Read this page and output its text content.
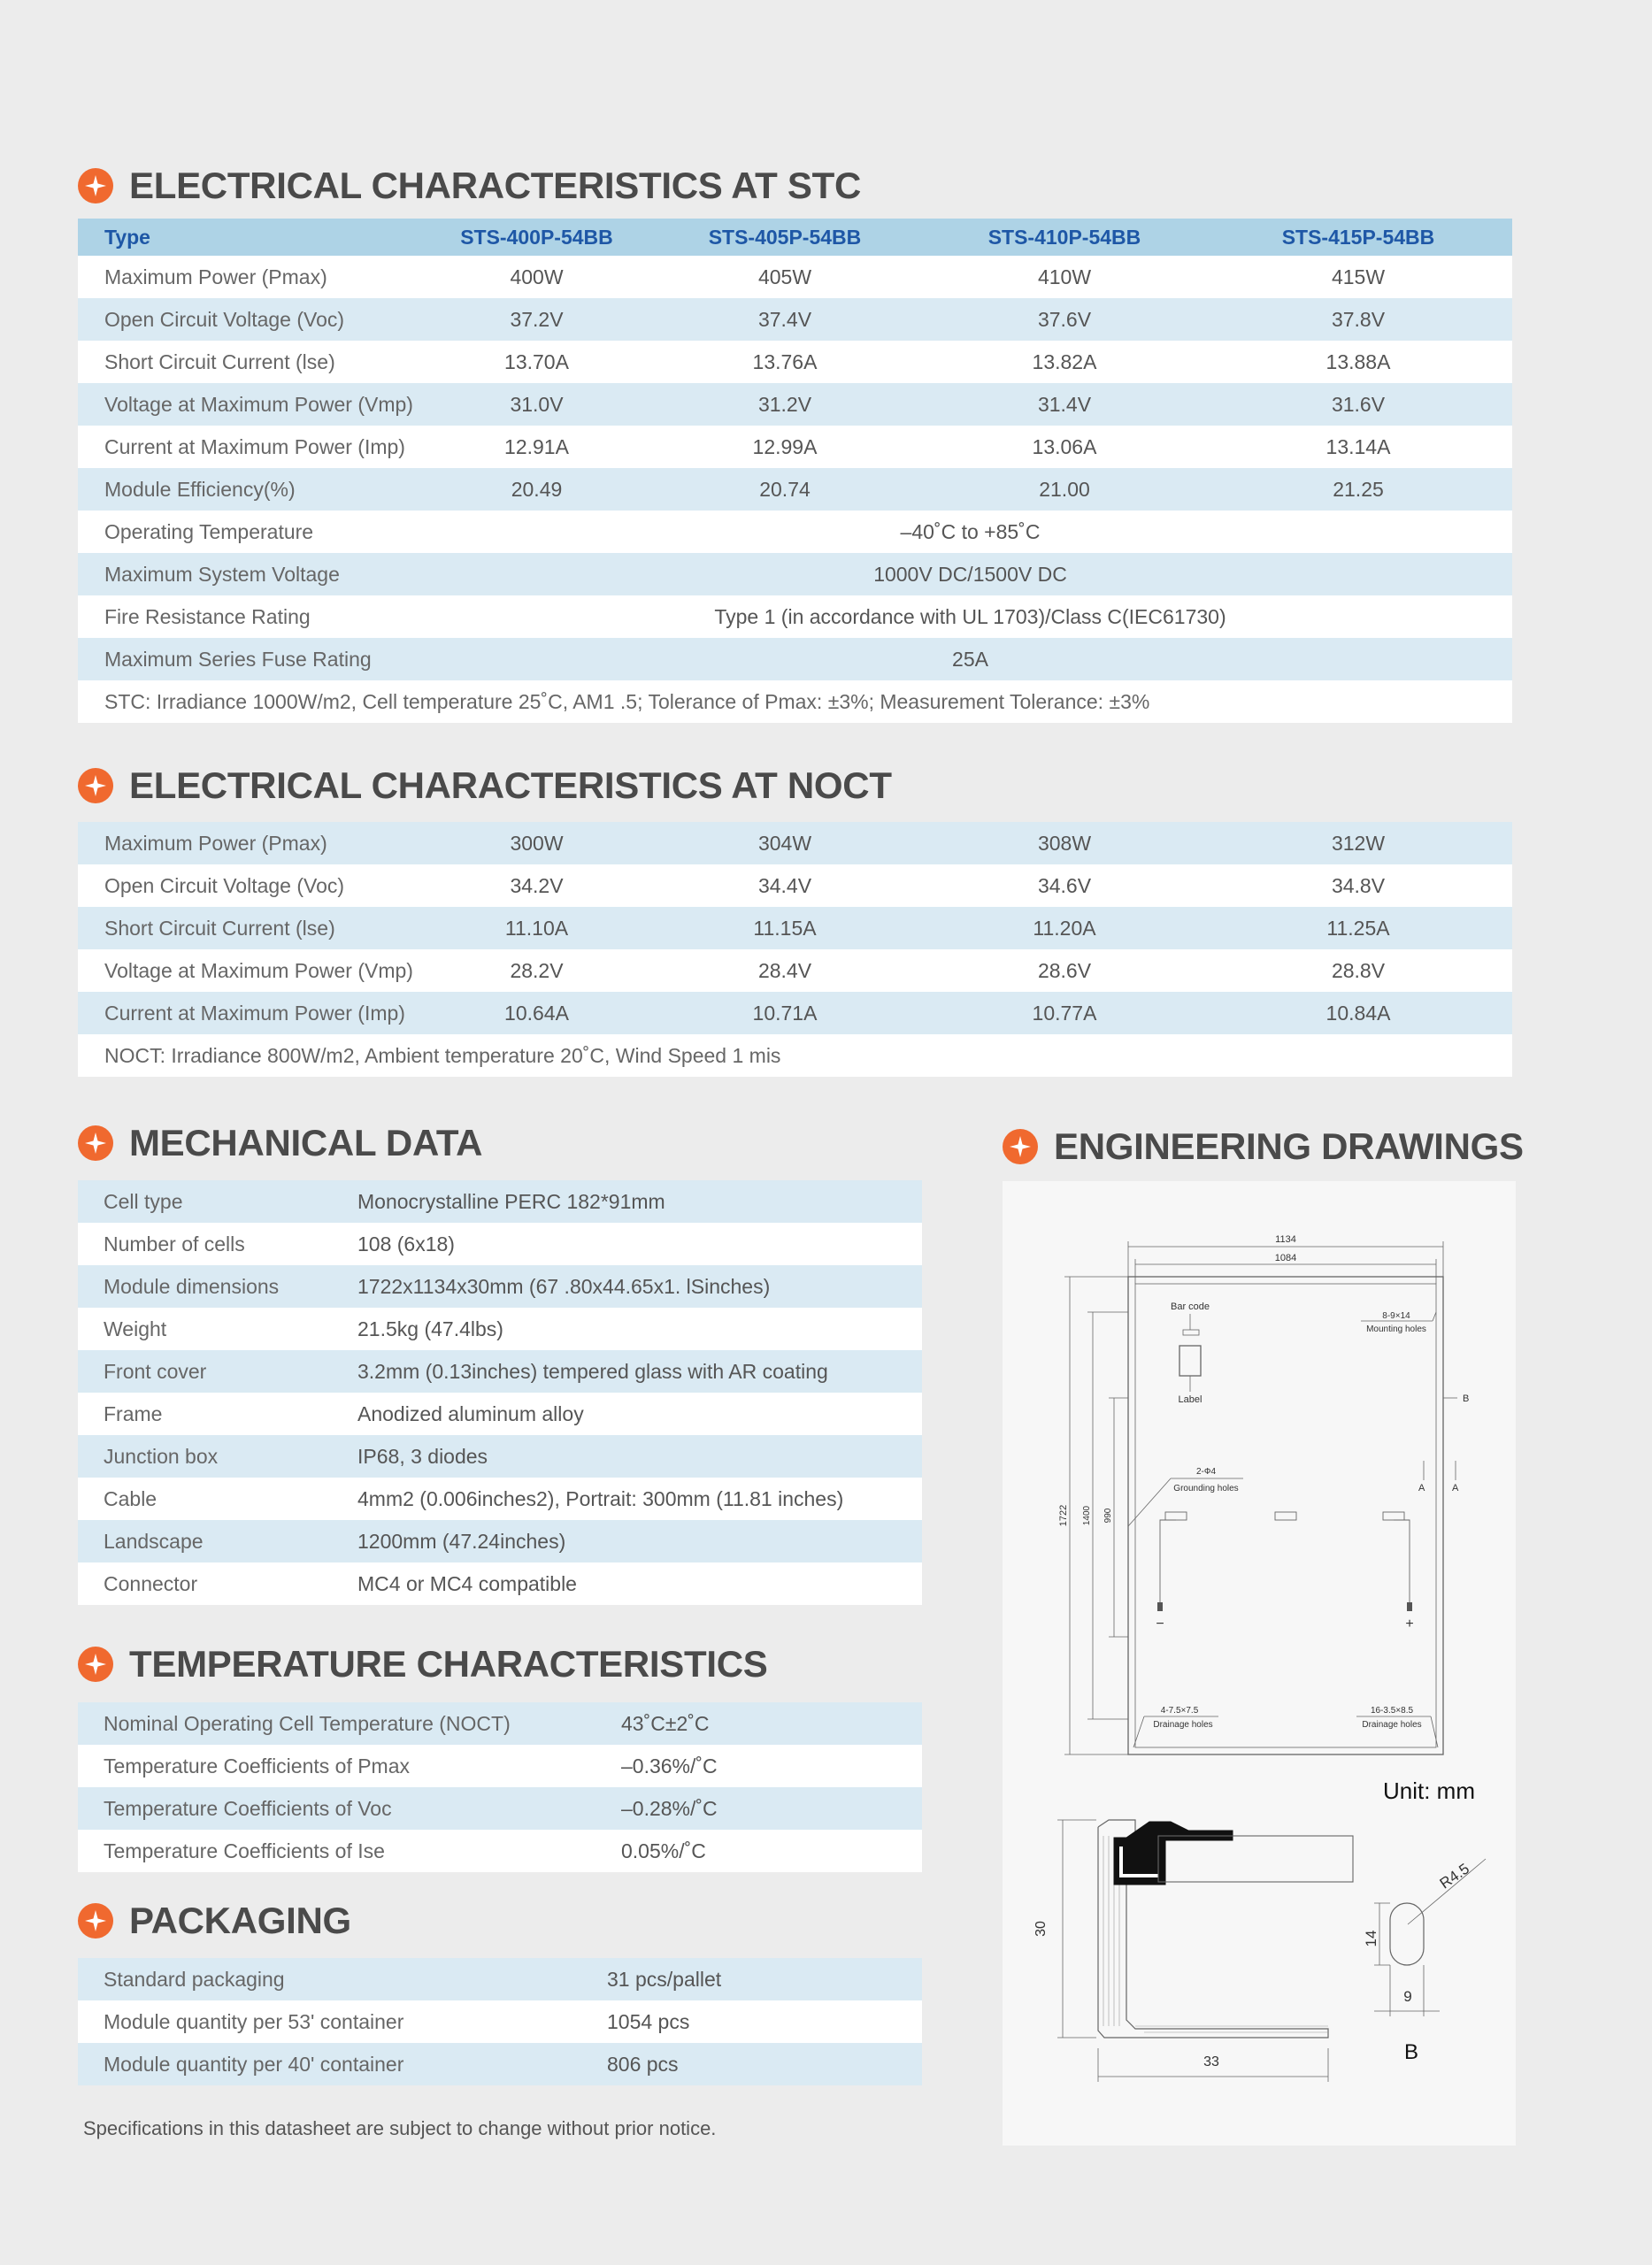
ELECTRICAL CHARACTERISTICS AT STC
Type	STS-400P-54BB	STS-405P-54BB	STS-410P-54BB	STS-415P-54BB
Maximum Power (Pmax)	400W	405W	410W	415W
Open Circuit Voltage (Voc)	37.2V	37.4V	37.6V	37.8V
Short Circuit Current (lse)	13.70A	13.76A	13.82A	13.88A
Voltage at Maximum Power (Vmp)	31.0V	31.2V	31.4V	31.6V
Current at Maximum Power (Imp)	12.91A	12.99A	13.06A	13.14A
Module Efficiency(%)	20.49	20.74	21.00	21.25
Operating Temperature	–40˚C to +85˚C			
Maximum System Voltage	1000V DC/1500V DC			
Fire Resistance Rating	Type 1 (in accordance with UL 1703)/Class C(IEC61730)			
Maximum Series Fuse Rating	25A			
STC: Irradiance 1000W/m2, Cell temperature 25˚C, AM1 .5; Tolerance of Pmax: ±3%; Measurement Tolerance: ±3%				
ELECTRICAL CHARACTERISTICS AT NOCT
Maximum Power (Pmax)	300W	304W	308W	312W
Open Circuit Voltage (Voc)	34.2V	34.4V	34.6V	34.8V
Short Circuit Current (lse)	11.10A	11.15A	11.20A	11.25A
Voltage at Maximum Power (Vmp)	28.2V	28.4V	28.6V	28.8V
Current at Maximum Power (Imp)	10.64A	10.71A	10.77A	10.84A
NOCT: Irradiance 800W/m2, Ambient temperature 20˚C, Wind Speed 1 mis				
MECHANICAL DATA
Cell type	Monocrystalline PERC 182*91mm
Number of cells	108 (6x18)
Module dimensions	1722x1134x30mm (67 .80x44.65x1. lSinches)
Weight	21.5kg (47.4lbs)
Front cover	3.2mm (0.13inches) tempered glass with AR coating
Frame	Anodized aluminum alloy
Junction box	IP68, 3 diodes
Cable	4mm2 (0.006inches2), Portrait: 300mm (11.81 inches)
Landscape	1200mm (47.24inches)
Connector	MC4 or MC4 compatible
TEMPERATURE CHARACTERISTICS
Nominal Operating Cell Temperature (NOCT)	43˚C±2˚C
Temperature Coefficients of Pmax	–0.36%/˚C
Temperature Coefficients of Voc	–0.28%/˚C
Temperature Coefficients of Ise	0.05%/˚C
PACKAGING
Standard packaging	31 pcs/pallet
Module quantity per 53' container	1054 pcs
Module quantity per 40' container	806 pcs
Specifications in this datasheet are subject to change without prior notice.
ENGINEERING DRAWINGS
1134
1084
1722 1400 990
Bar code
Label
8-9×14
Mounting holes
B
A	A
2-Ф4
Grounding holes
−	+
4-7.5×7.5
Drainage holes
16-3.5×8.5
Drainage holes
Unit: mm
30
33
R4.5
14
9
B
